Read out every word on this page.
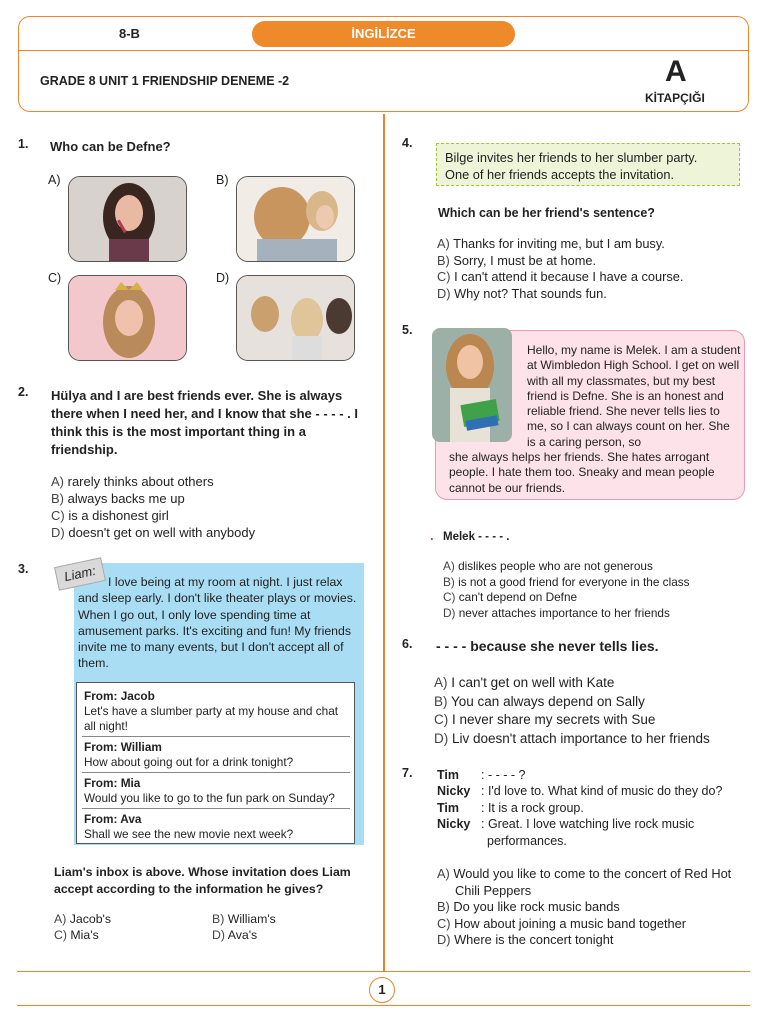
8-B	İNGİLİZCE
GRADE 8 UNIT 1 FRIENDSHIP DENEME -2	A
KİTAPÇIĞI
1. Who can be Defne?
A)	B)
C)	D)
2. Hülya and I are best friends ever. She is always there when I need her, and I know that she - - - - . I think this is the most important thing in a friendship.
A) rarely thinks about others
B) always backs me up
C) is a dishonest girl
D) doesn't get on well with anybody
3.	Liam: I love being at my room at night. I just relax and sleep early. I don't like theater plays or movies. When I go out, I only love spending time at amusement parks. It's exciting and fun! My friends invite me to many events, but I don't accept all of them.
From: Jacob
Let's have a slumber party at my house and chat all night!
From: William
How about going out for a drink tonight?
From: Mia
Would you like to go to the fun park on Sunday?
From: Ava
Shall we see the new movie next week?
Liam's inbox is above. Whose invitation does Liam accept according to the information he gives?
A) Jacob's
C) Mia's
B) William's
D) Ava's
4.
Bilge invites her friends to her slumber party.
One of her friends accepts the invitation.
Which can be her friend's sentence?
A) Thanks for inviting me, but I am busy.
B) Sorry, I must be at home.
C) I can't attend it because I have a course.
D) Why not? That sounds fun.
5.
Hello, my name is Melek. I am a student at Wimbledon High School. I get on well with all my classmates, but my best friend is Defne. She is an honest and reliable friend. She never tells lies to me, so I can always count on her. She is a caring person, so
she always helps her friends. She hates arrogant people. I hate them too. Sneaky and mean people cannot be our friends.
. Melek - - - - .
A) dislikes people who are not generous
B) is not a good friend for everyone in the class
C) can't depend on Defne
D) never attaches importance to her friends
6. - - - - because she never tells lies.
A) I can't get on well with Kate
B) You can always depend on Sally
C) I never share my secrets with Sue
D) Liv doesn't attach importance to her friends
7. Tim : - - - - ?
Nicky : I'd love to. What kind of music do they do?
Tim : It is a rock group.
Nicky : Great. I love watching live rock music
performances.
A) Would you like to come to the concert of Red Hot
Chili Peppers
B) Do you like rock music bands
C) How about joining a music band together
D) Where is the concert tonight
1
